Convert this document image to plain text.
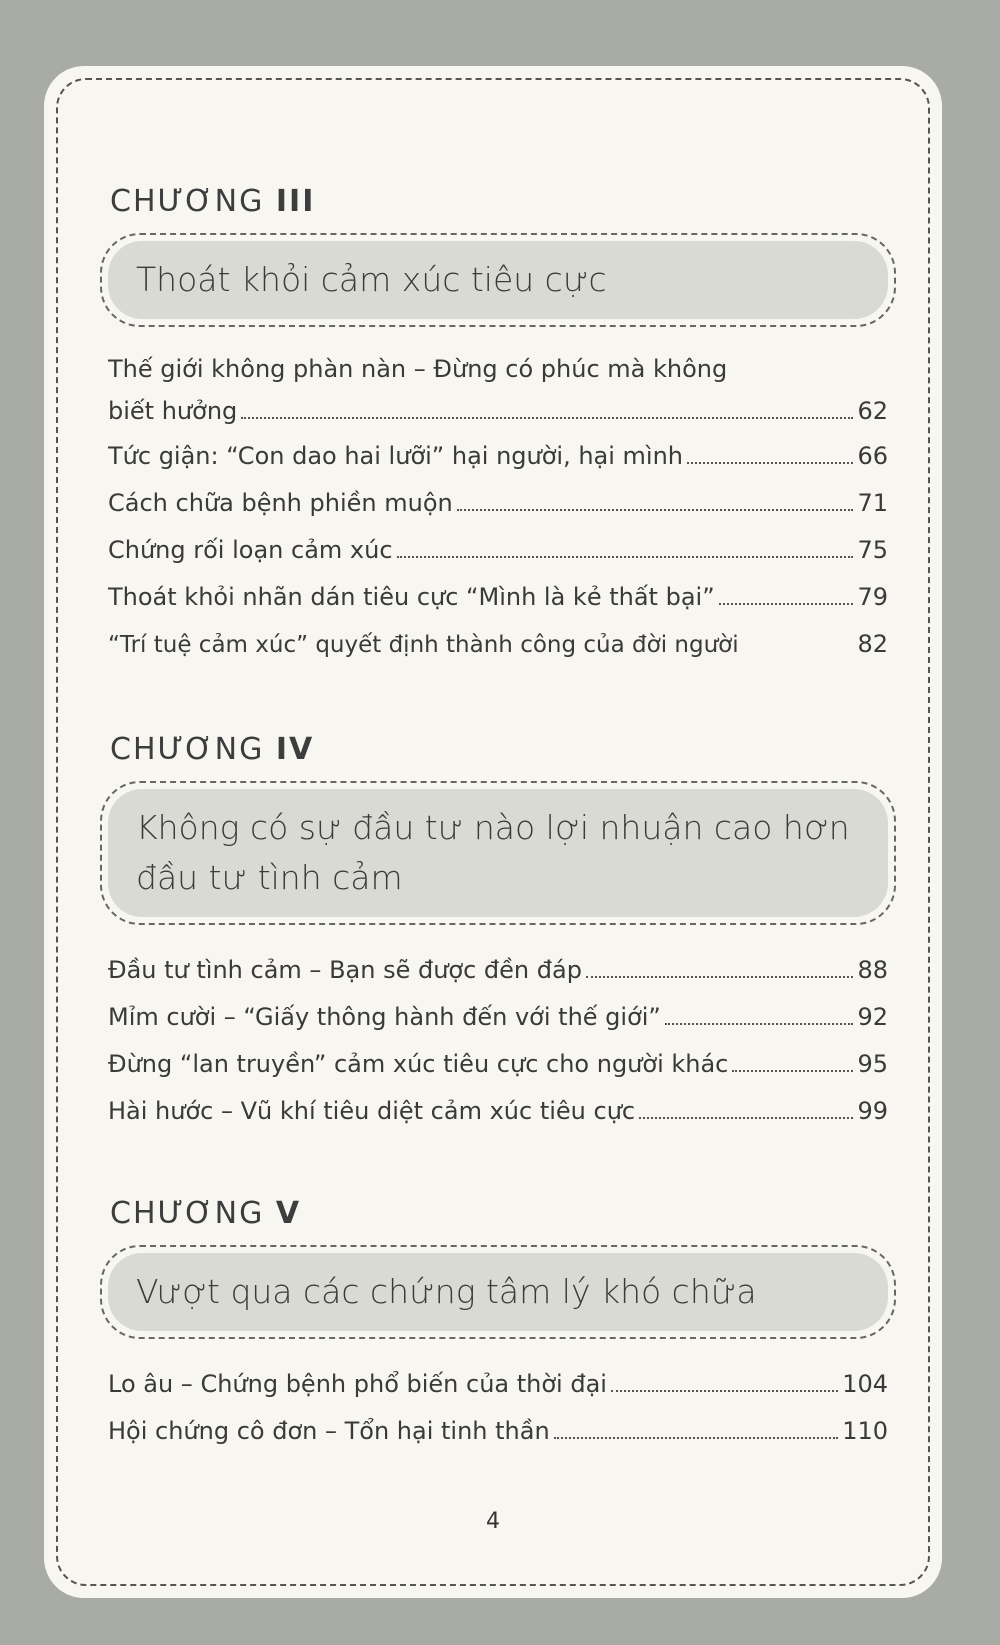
CHƯƠNG III
Thoát khỏi cảm xúc tiêu cực
Thế giới không phàn nàn – Đừng có phúc mà không
biết hưởng	62
Tức giận: “Con dao hai lưỡi” hại người, hại mình	66
Cách chữa bệnh phiền muộn	71
Chứng rối loạn cảm xúc	75
Thoát khỏi nhãn dán tiêu cực “Mình là kẻ thất bại”	79
“Trí tuệ cảm xúc” quyết định thành công của đời người	82
CHƯƠNG IV
Không có sự đầu tư nào lợi nhuận cao hơn
đầu tư tình cảm
Đầu tư tình cảm – Bạn sẽ được đền đáp	88
Mỉm cười – “Giấy thông hành đến với thế giới”	92
Đừng “lan truyền” cảm xúc tiêu cực cho người khác	95
Hài hước – Vũ khí tiêu diệt cảm xúc tiêu cực	99
CHƯƠNG V
Vượt qua các chứng tâm lý khó chữa
Lo âu – Chứng bệnh phổ biến của thời đại	104
Hội chứng cô đơn – Tổn hại tinh thần	110
4
